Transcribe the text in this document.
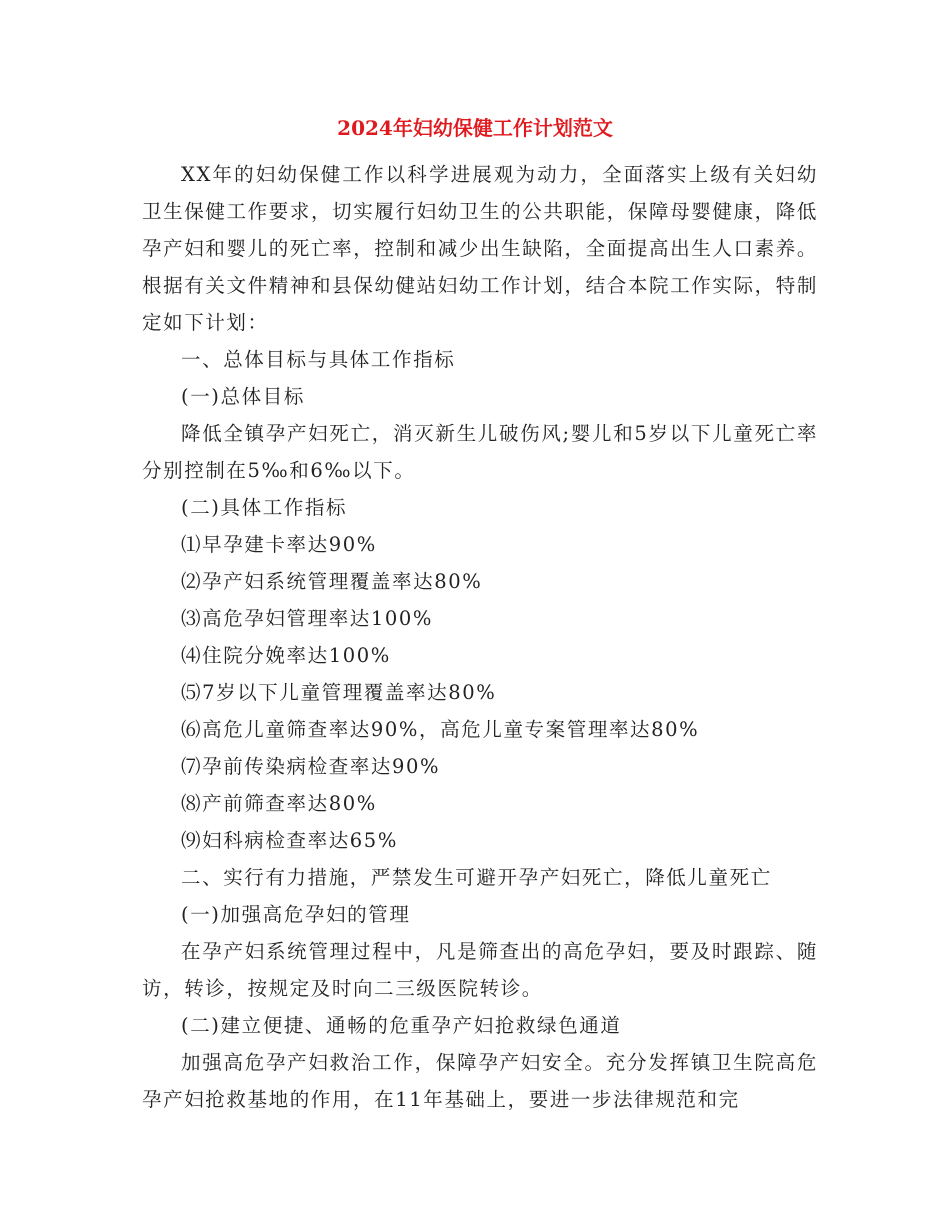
2024年妇幼保健工作计划范文

XX年的妇幼保健工作以科学进展观为动力，全面落实上级有关妇幼卫生保健工作要求，切实履行妇幼卫生的公共职能，保障母婴健康，降低孕产妇和婴儿的死亡率，控制和减少出生缺陷，全面提高出生人口素养。根据有关文件精神和县保幼健站妇幼工作计划，结合本院工作实际，特制定如下计划：

一、总体目标与具体工作指标

(一)总体目标

降低全镇孕产妇死亡，消灭新生儿破伤风;婴儿和5岁以下儿童死亡率分别控制在5‰和6‰以下。

(二)具体工作指标

⑴早孕建卡率达90%

⑵孕产妇系统管理覆盖率达80%

⑶高危孕妇管理率达100%

⑷住院分娩率达100%

⑸7岁以下儿童管理覆盖率达80%

⑹高危儿童筛查率达90%，高危儿童专案管理率达80%

⑺孕前传染病检查率达90%

⑻产前筛查率达80%

⑼妇科病检查率达65%

二、实行有力措施，严禁发生可避开孕产妇死亡，降低儿童死亡

(一)加强高危孕妇的管理

在孕产妇系统管理过程中，凡是筛查出的高危孕妇，要及时跟踪、随访，转诊，按规定及时向二三级医院转诊。

(二)建立便捷、通畅的危重孕产妇抢救绿色通道

加强高危孕产妇救治工作，保障孕产妇安全。充分发挥镇卫生院高危孕产妇抢救基地的作用，在11年基础上，要进一步法律规范和完
